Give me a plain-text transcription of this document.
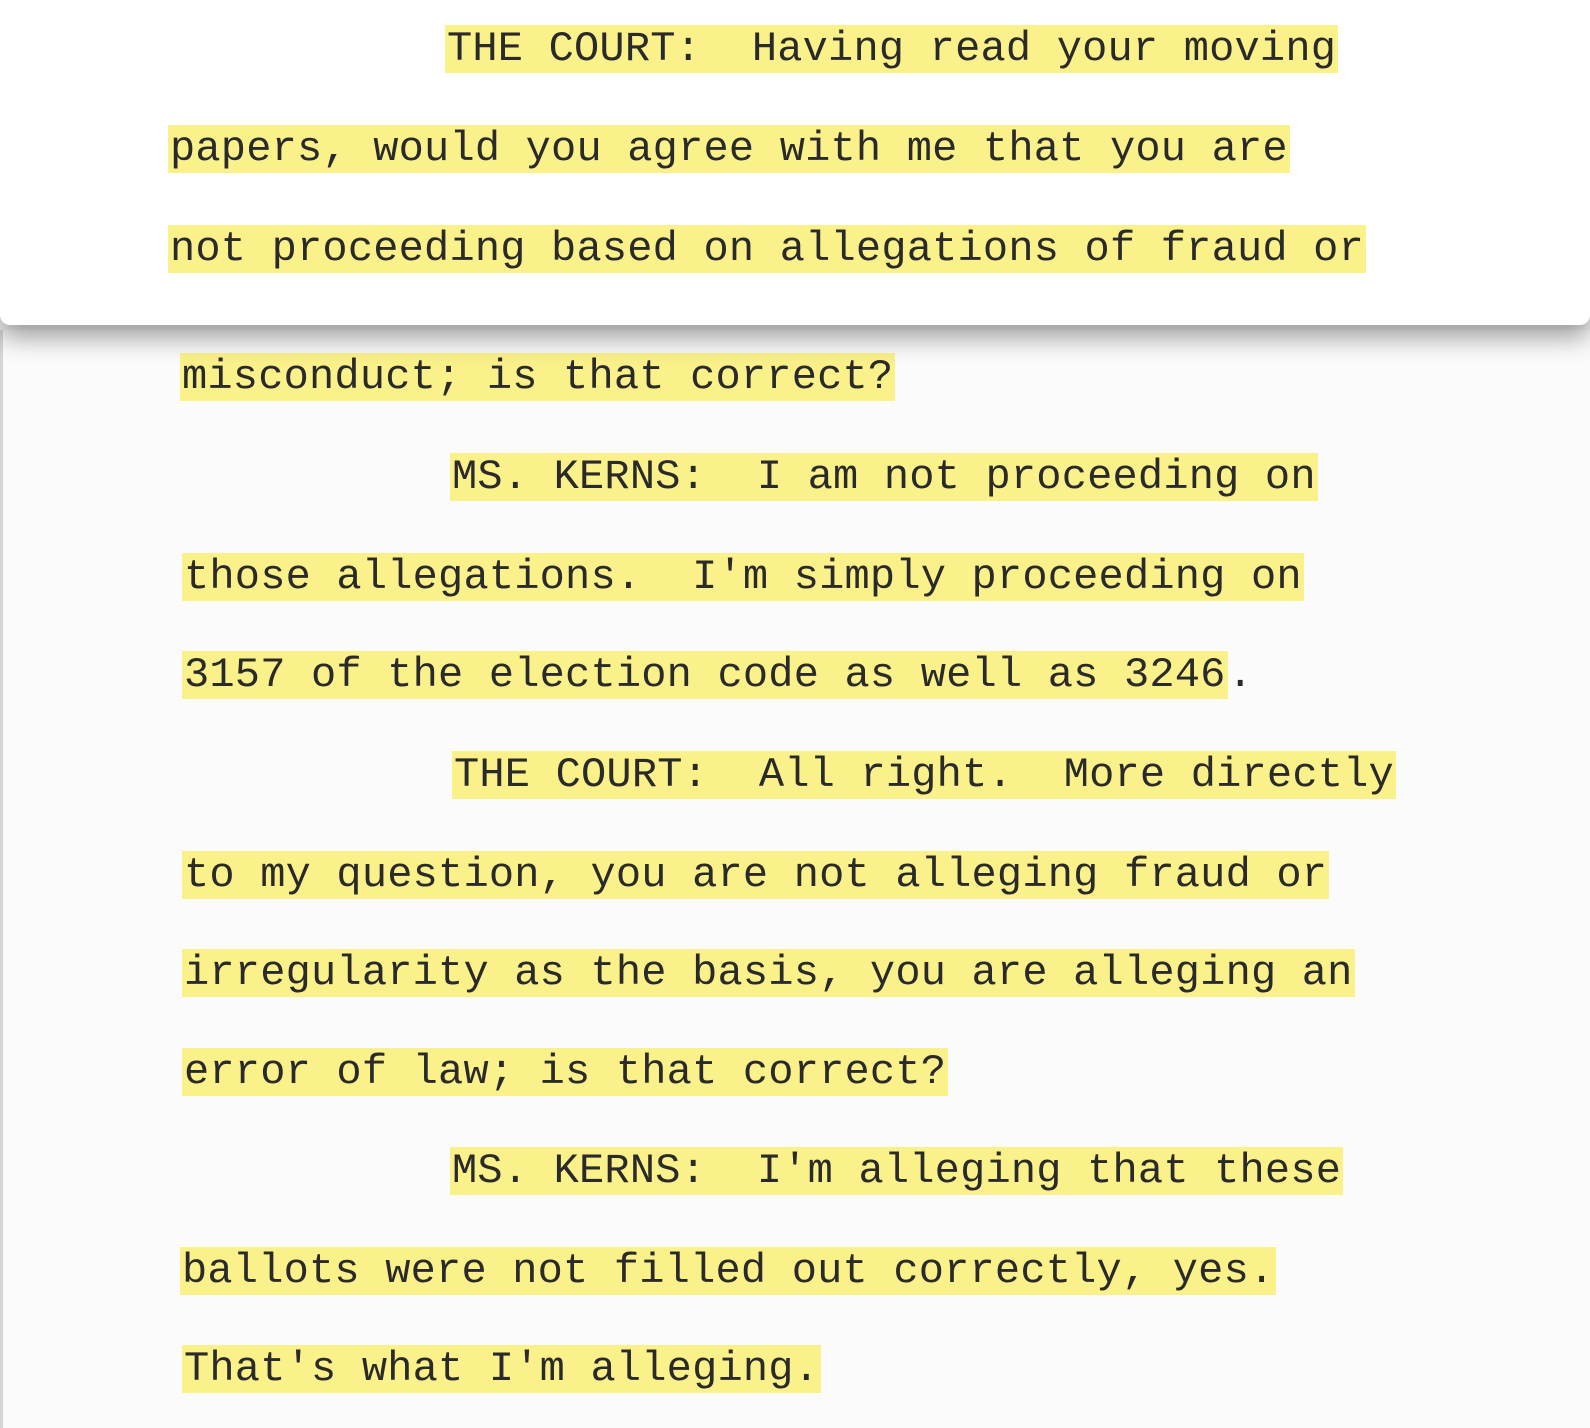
THE COURT:  Having read your moving
papers, would you agree with me that you are
not proceeding based on allegations of fraud or
misconduct; is that correct?
MS. KERNS:  I am not proceeding on
those allegations.  I'm simply proceeding on
3157 of the election code as well as 3246.
THE COURT:  All right.  More directly
to my question, you are not alleging fraud or
irregularity as the basis, you are alleging an
error of law; is that correct?
MS. KERNS:  I'm alleging that these
ballots were not filled out correctly, yes.
That's what I'm alleging.
